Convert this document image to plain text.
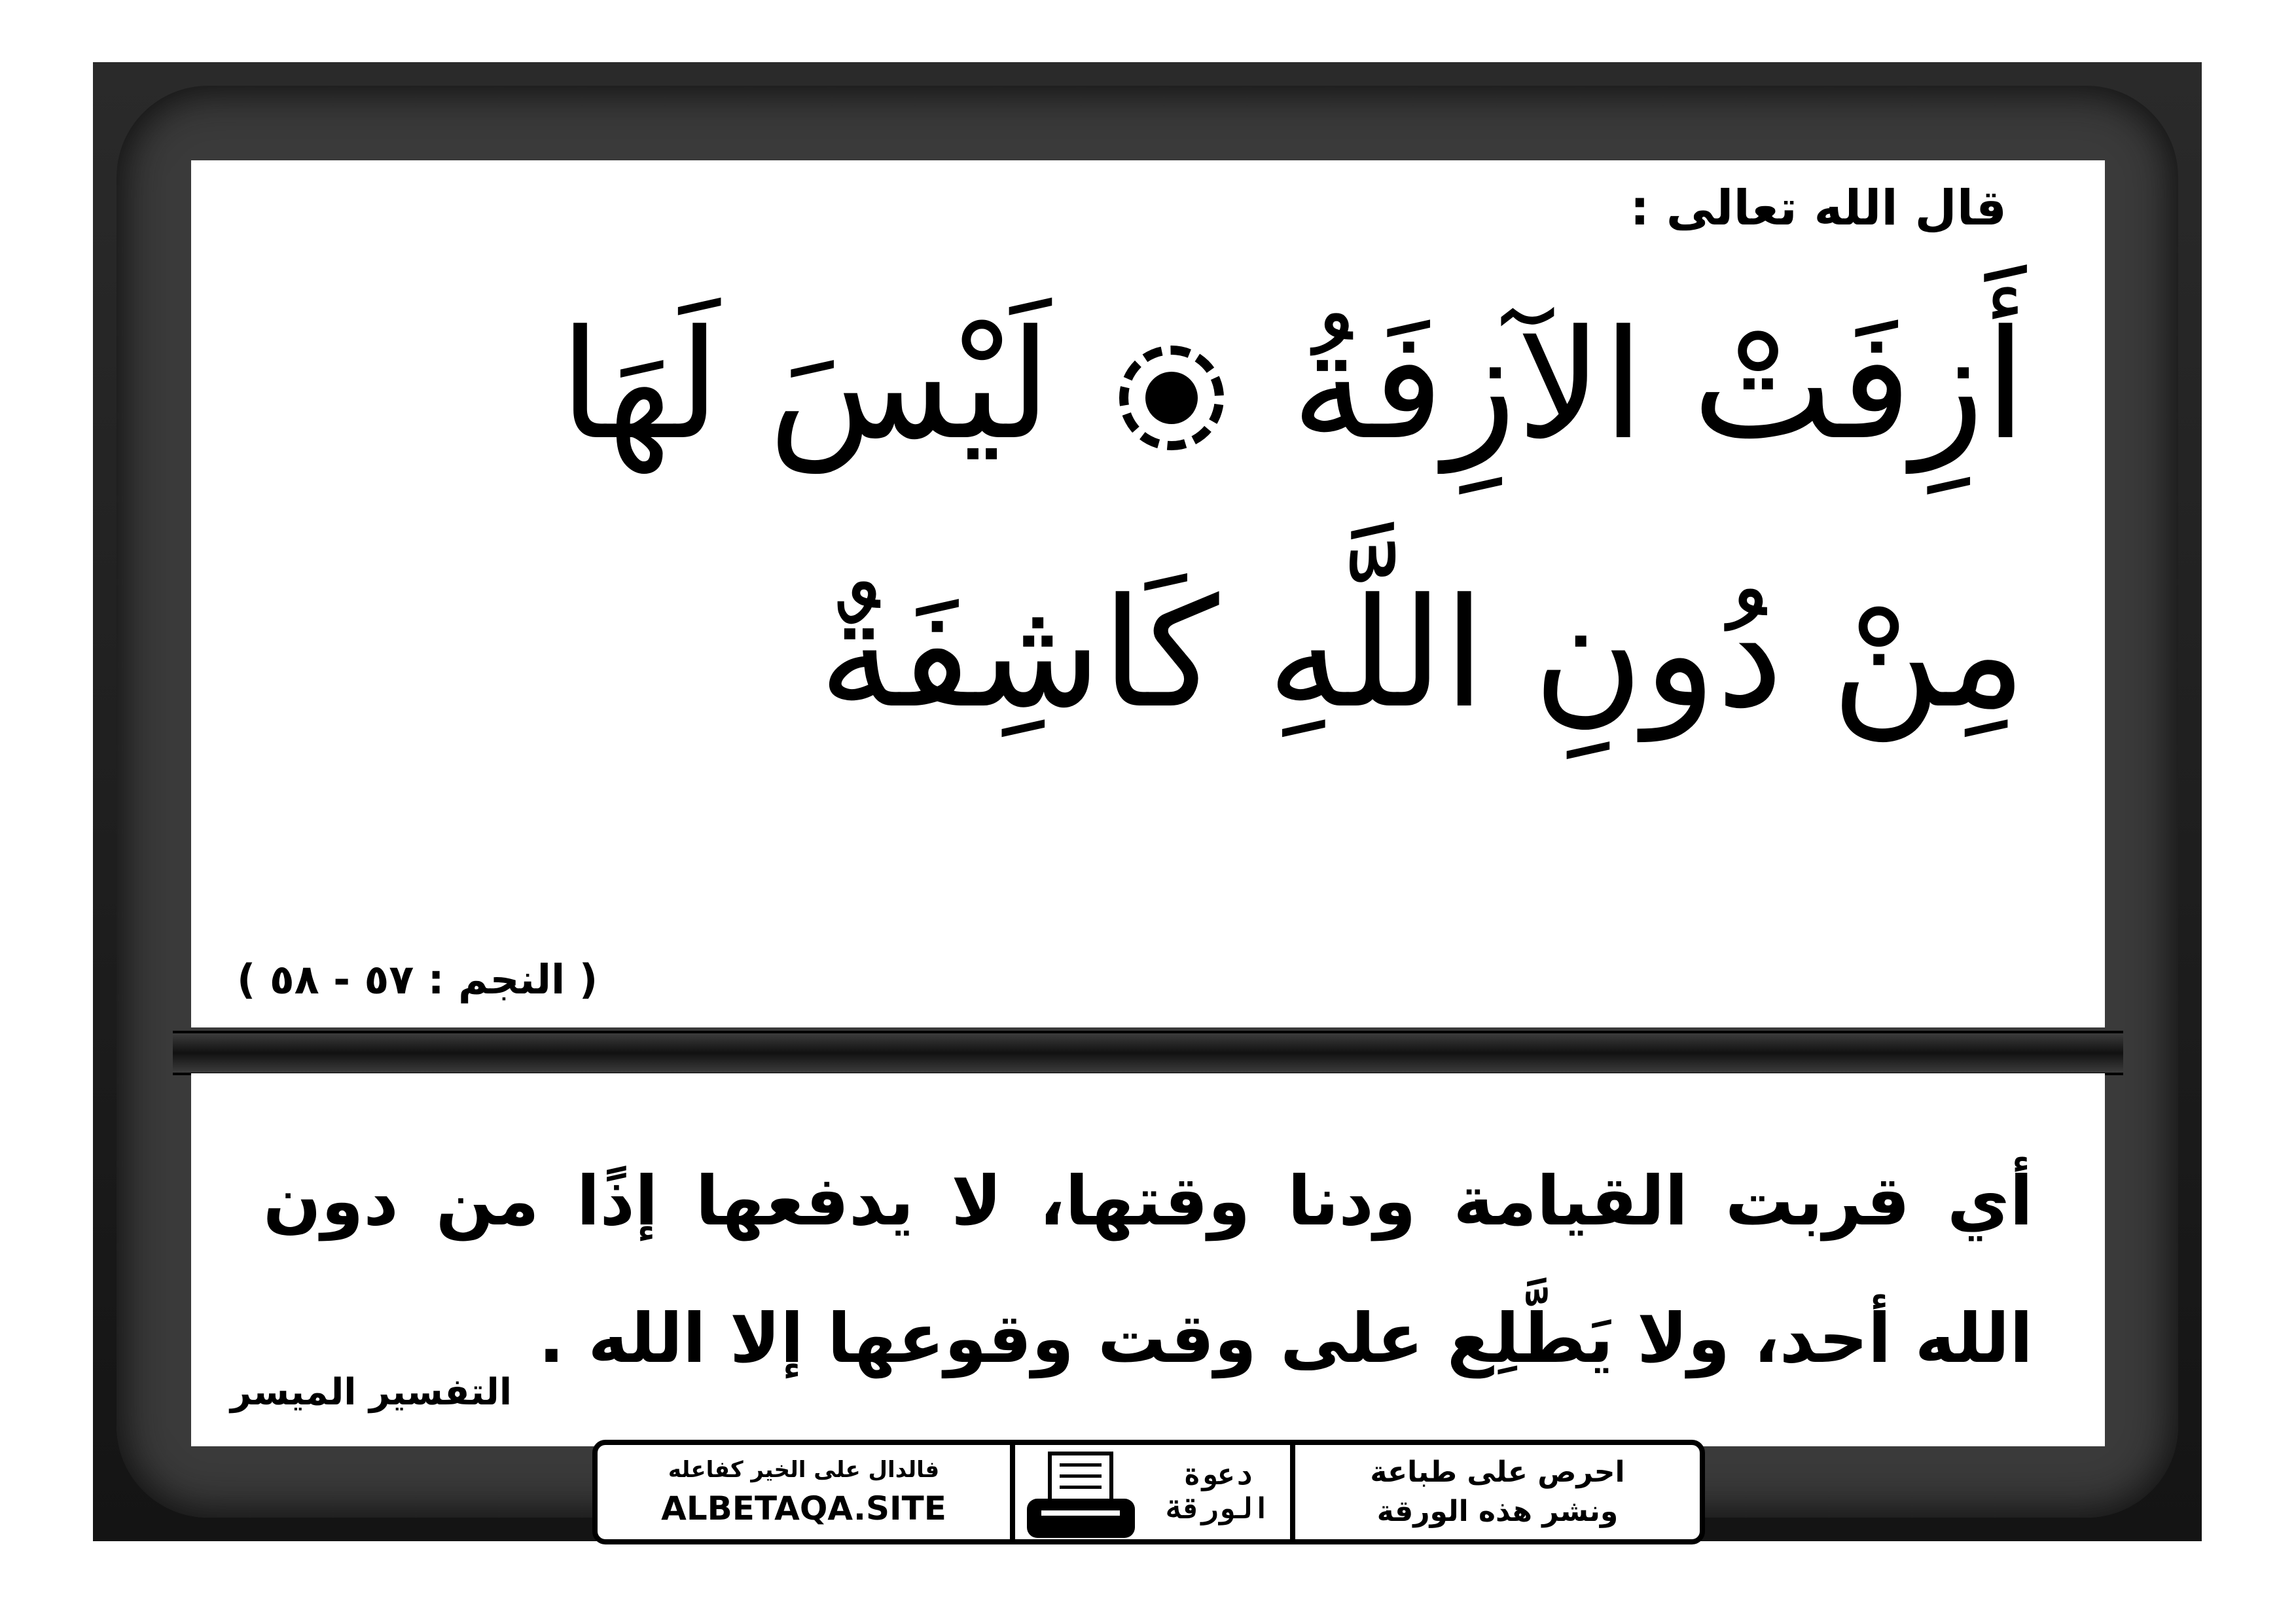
قال الله تعالى :
أَزِفَتْ الآزِفَةُ  لَيْسَ لَهَا
مِنْ دُونِ اللَّهِ كَاشِفَةٌ
( النجم : ٥٧ - ٥٨ )
أي قربت القيامة ودنا وقتها، لا يدفعها إذًا من دون الله أحد، ولا يَطَّلِع على وقت وقوعها إلا الله .
التفسير الميسر
فالدال على الخير كفاعله
ALBETAQA.SITE
دعوة
الورقة
احرص على طباعة
ونشر هذه الورقة
